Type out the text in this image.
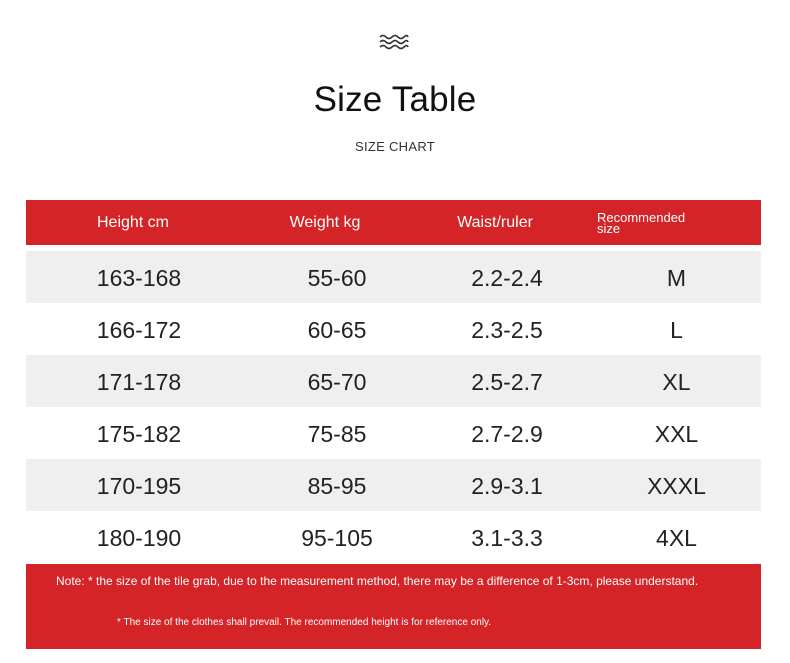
Size Table
SIZE CHART
Height cm	Weight kg	Waist/ruler	Recommended
size
163-168	55-60	2.2-2.4	M
166-172	60-65	2.3-2.5	L
171-178	65-70	2.5-2.7	XL
175-182	75-85	2.7-2.9	XXL
170-195	85-95	2.9-3.1	XXXL
180-190	95-105	3.1-3.3	4XL
Note: * the size of the tile grab, due to the measurement method, there may be a difference of 1-3cm, please understand.
* The size of the clothes shall prevail. The recommended height is for reference only.
